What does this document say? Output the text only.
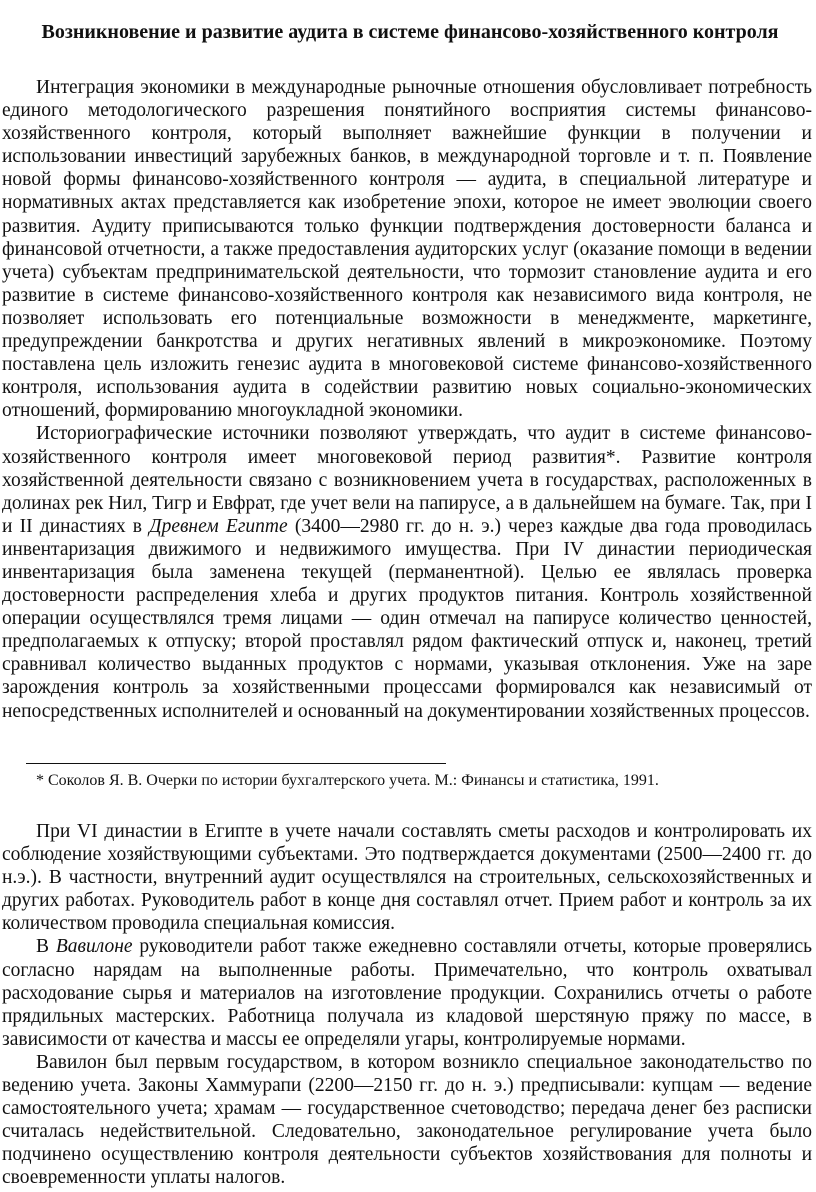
Возникновение и развитие аудита в системе финансово-хозяйственного контроля

Интеграция экономики в международные рыночные отношения обусловливает потребность единого методологического разрешения понятийного восприятия системы финансово-хозяйственного контроля, который выполняет важнейшие функции в получении и использовании инвестиций зарубежных банков, в международной торговле и т. п. Появление новой формы финансово-хозяйственного контроля — аудита, в специальной литературе и нормативных актах представляется как изобретение эпохи, которое не имеет эволюции своего развития. Аудиту приписываются только функции подтверждения достоверности баланса и финансовой отчетности, а также предоставления аудиторских услуг (оказание помощи в ведении учета) субъектам предпринимательской деятельности, что тормозит становление аудита и его развитие в системе финансово-хозяйственного контроля как независимого вида контроля, не позволяет использовать его потенциальные возможности в менеджменте, маркетинге, предупреждении банкротства и других негативных явлений в микроэкономике. Поэтому поставлена цель изложить генезис аудита в многовековой системе финансово-хозяйственного контроля, использования аудита в содействии развитию новых социально-экономических отношений, формированию многоукладной экономики.

Историографические источники позволяют утверждать, что аудит в системе финансово-хозяйственного контроля имеет многовековой период развития*. Развитие контроля хозяйственной деятельности связано с возникновением учета в государствах, расположенных в долинах рек Нил, Тигр и Евфрат, где учет вели на папирусе, а в дальнейшем на бумаге. Так, при I и II династиях в Древнем Египте (3400—2980 гг. до н. э.) через каждые два года проводилась инвентаризация движимого и недвижимого имущества. При IV династии периодическая инвентаризация была заменена текущей (перманентной). Целью ее являлась проверка достоверности распределения хлеба и других продуктов питания. Контроль хозяйственной операции осуществлялся тремя лицами — один отмечал на папирусе количество ценностей, предполагаемых к отпуску; второй проставлял рядом фактический отпуск и, наконец, третий сравнивал количество выданных продуктов с нормами, указывая отклонения. Уже на заре зарождения контроль за хозяйственными процессами формировался как независимый от непосредственных исполнителей и основанный на документировании хозяйственных процессов.

* Соколов Я. В. Очерки по истории бухгалтерского учета. М.: Финансы и статистика, 1991.

При VI династии в Египте в учете начали составлять сметы расходов и контролировать их соблюдение хозяйствующими субъектами. Это подтверждается документами (2500—2400 гг. до н.э.). В частности, внутренний аудит осуществлялся на строительных, сельскохозяйственных и других работах. Руководитель работ в конце дня составлял отчет. Прием работ и контроль за их количеством проводила специальная комиссия.

В Вавилоне руководители работ также ежедневно составляли отчеты, которые проверялись согласно нарядам на выполненные работы. Примечательно, что контроль охватывал расходование сырья и материалов на изготовление продукции. Сохранились отчеты о работе прядильных мастерских. Работница получала из кладовой шерстяную пряжу по массе, в зависимости от качества и массы ее определяли угары, контролируемые нормами.

Вавилон был первым государством, в котором возникло специальное законодательство по ведению учета. Законы Хаммурапи (2200—2150 гг. до н. э.) предписывали: купцам — ведение самостоятельного учета; храмам — государственное счетоводство; передача денег без расписки считалась недействительной. Следовательно, законодательное регулирование учета было подчинено осуществлению контроля деятельности субъектов хозяйствования для полноты и своевременности уплаты налогов.
